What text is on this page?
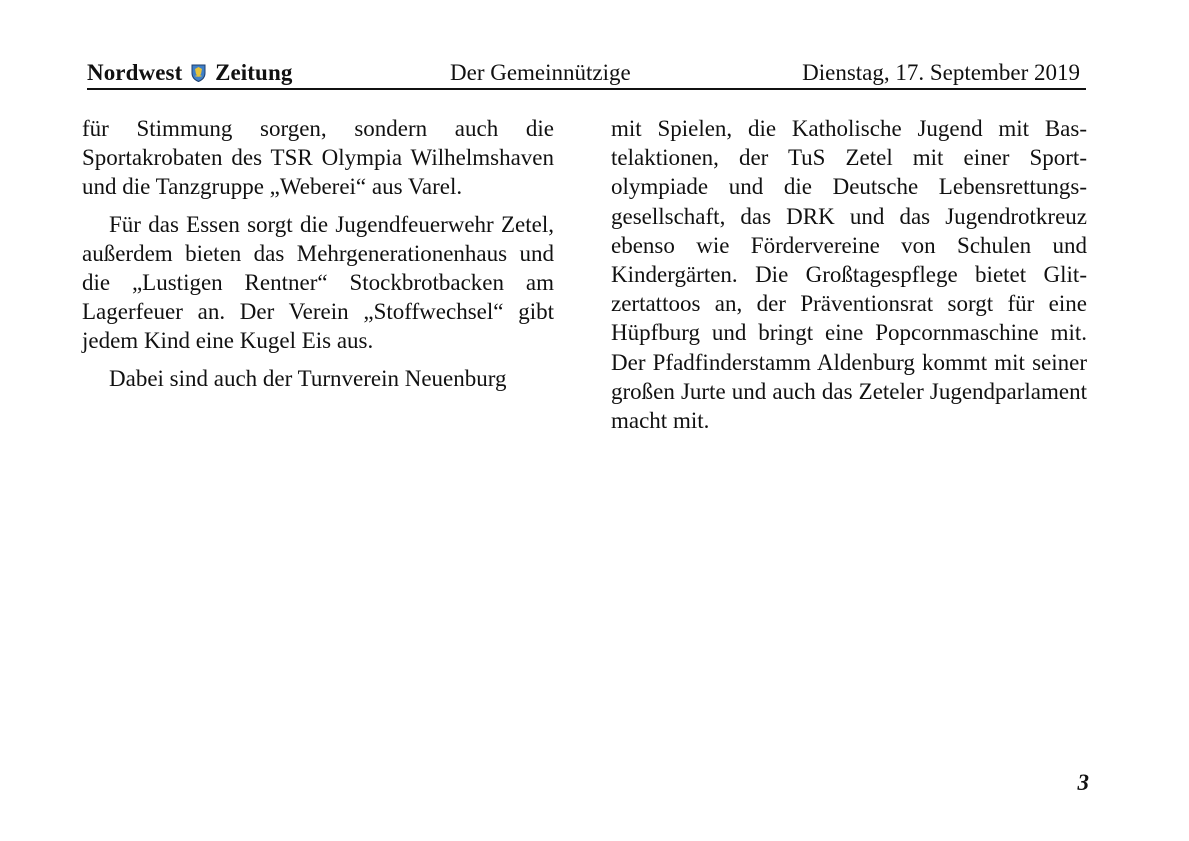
Nordwest Zeitung	Der Gemeinnützige	Dienstag, 17. September 2019

für Stimmung sorgen, sondern auch die Sportakrobaten des TSR Olympia Wilhelmshaven und die Tanzgruppe „Weberei“ aus Varel.

Für das Essen sorgt die Jugendfeuerwehr Zetel, außerdem bieten das Mehrgenerationenhaus und die „Lustigen Rentner“ Stockbrotbacken am Lagerfeuer an. Der Verein „Stoffwechsel“ gibt jedem Kind eine Kugel Eis aus.

Dabei sind auch der Turnverein Neuenburg

mit Spielen, die Katholische Jugend mit Bastelaktionen, der TuS Zetel mit einer Sportolympiade und die Deutsche Lebensrettungsgesellschaft, das DRK und das Jugendrotkreuz ebenso wie Fördervereine von Schulen und Kindergärten. Die Großtagespflege bietet Glitzertattoos an, der Präventionsrat sorgt für eine Hüpfburg und bringt eine Popcornmaschine mit. Der Pfadfinderstamm Aldenburg kommt mit seiner großen Jurte und auch das Zeteler Jugendparlament macht mit.

3
